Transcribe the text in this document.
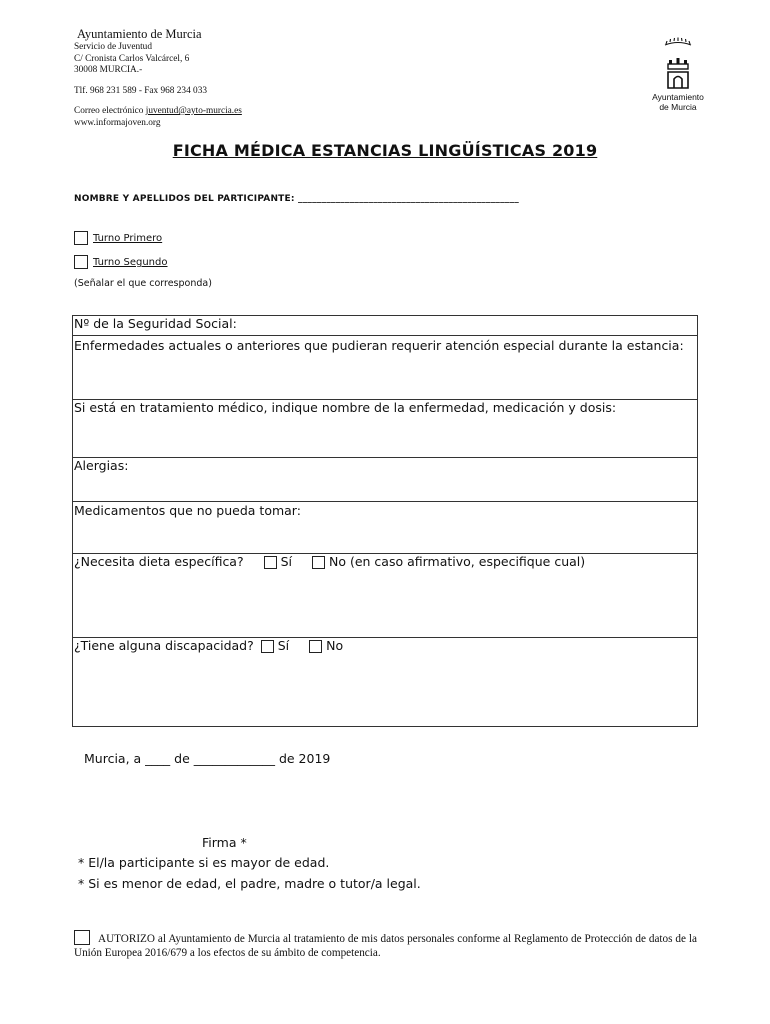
Ayuntamiento de Murcia
Servicio de Juventud
C/ Cronista Carlos Valcárcel, 6
30008 MURCIA.-
Tlf. 968 231 589 - Fax 968 234 033
Correo electrónico juventud@ayto-murcia.es
www.informajoven.org
Ayuntamiento
de Murcia
FICHA MÉDICA ESTANCIAS LINGÜÍSTICAS 2019
NOMBRE Y APELLIDOS DEL PARTICIPANTE: _______________________________________________
Turno Primero
Turno Segundo
(Señalar el que corresponda)
Nº de la Seguridad Social:
Enfermedades actuales o anteriores que pudieran requerir atención especial durante la estancia:
Si está en tratamiento médico, indique nombre de la enfermedad, medicación y dosis:
Alergias:
Medicamentos que no pueda tomar:
¿Necesita dieta específica?	Sí	No (en caso afirmativo, especifique cual)
¿Tiene alguna discapacidad? Sí	No
Murcia, a ____ de _____________ de 2019
Firma *
* El/la participante si es mayor de edad.
* Si es menor de edad, el padre, madre o tutor/a legal.
AUTORIZO al Ayuntamiento de Murcia al tratamiento de mis datos personales conforme al Reglamento de Protección de datos de la Unión Europea 2016/679 a los efectos de su ámbito de competencia.
